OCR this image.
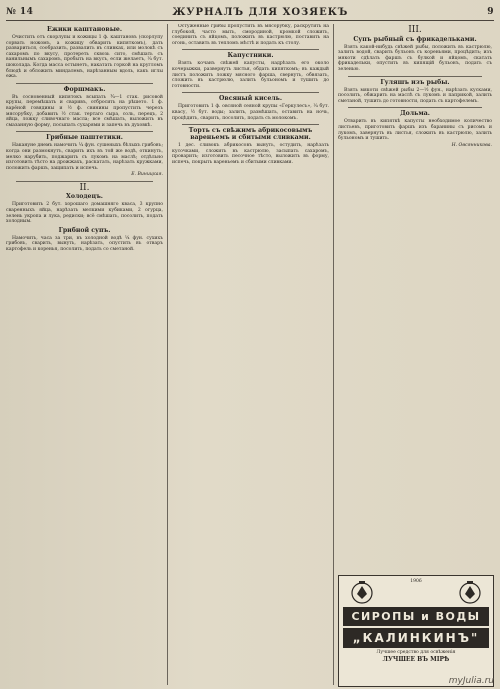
№ 14	ЖУРНАЛЪ ДЛЯ ХОЗЯЕКЪ	9
Ежики каштановые.

Очистить отъ скорлупы и кожицы 1 ф. каштановъ (скорлупу сорвать ножомъ, а кожицу обварить кипяткомъ), дать развариться, сообразить, развалить въ сливках, или молокѣ съ сахаромъ по вкусу, протереть сквозь сито, смѣшать съ ванильнымъ сахаромъ, пробыть на вкусъ, если желаетъ, ¼ бут. шоколада. Когда масса остынетъ, накатать горкой на кругломъ блюдѣ и обложить миндалемъ, нарѣзанным вдоль, какъ иглы ежа.

Форшмакъ.

Въ сосновенный кипятокъ всыпать ¾—1 стак. рисовой крупы, перемѣшать и сваривъ, отбросить на рѣшето. 1 ф. варёной говядины и ½ ф. свинины пропустить черезъ мясорубку, добавить ½ стак. тертаго сыра, соль, перецъ, 2 яйца, ложку сливочнаго масла; все смѣшать, выложить въ смазанную форму, посыпать сухарями и запечь въ духовкѣ.

Грибные паштетики.

Накануне днемъ намочить ¼ фун. сушеныхъ бѣлыхъ грибовъ; когда они размокнутъ, сварить ихъ въ той же водѣ, откинуть, мелко нарубить, поджарить съ лукомъ на маслѣ; отдѣльно изготовить тѣсто на дрожжахъ, раскатать, нарѣзать кружками, положить фаршъ, защипать и испечь.

Е. Виницкая.
II.
Холодецъ.

Приготовить 2 бут. хорошаго домашняго кваса, 3 крупно сваренныхъ яйца, нарѣзать мелкими кубиками, 2 огурца, зелень укропа и лука, редиски; всё смѣшать, посолить, подать холодным.

Грибной супъ.

Намочить, часа за три, въ холодной водѣ ¼ фун. сухихъ грибовъ, сварить, вынуть, нарѣзать, опустить въ отваръ картофель и коренья, посолить, подать со сметаной.

Остуженные грибы пропустить въ мясорубку, раскрутить на глубокой, часто мыть, смородиной, кромкой сложить, соединить съ яйцомъ, положить въ кастрюлю, поставить на огонь, оставить въ тепломъ мѣстѣ и подать къ столу.

Капустники.

Взять кочанъ свѣжей капусты, надрѣзать его около кочерыжки, развернуть листья, обдать кипяткомъ; въ каждый листъ положить ложку мясного фарша, свернуть, обвязать, сложить въ кастрюлю, залить бульономъ и тушить до готовности.

Овсяный кисель.

Приготовить 1 ф. овсяной сеяной крупы «Геркулесъ», ¼ бут. квасу, ½ бут. воды; залить, размѣшать, оставить на ночь, процѣдить, сварить, посолить, подать съ молокомъ.

Торть съ свѣжимъ абрикосовымъ вареньемъ и сбитыми сливками.

1 дес. сливокъ абрикосовъ вынуть, остудить, нарѣзать кусочками, сложить въ кастрюлю, засыпать сахаромъ, проварить; изготовить песочное тѣсто, выложить въ форму, испечь, покрыть вареньемъ и сбитыми сливками.

III.
Супъ рыбный съ фрикадельками.

Взять какой-нибудь свѣжей рыбы, положить въ кастрюлю, залить водой, сварить бульонъ съ кореньями, процѣдить; изъ мякоти сдѣлать фаршъ съ булкой и яйцомъ, скатать фрикадельки, опустить въ кипящій бульонъ, подать съ зеленью.

Гуляшъ изъ рыбы.

Взять мякоти свѣжей рыбы 2—½ фун., нарѣзать кусками, посолить, обжарить на маслѣ съ лукомъ и паприкой, залить сметаной, тушить до готовности, подать съ картофелемъ.

Дольма.

Отварить въ кипяткѣ капусты необходимое количество листьевъ, приготовить фаршъ изъ баранины съ рисомъ и лукомъ, завернуть въ листья, сложить въ кастрюлю, залить бульономъ и тушить.

Н. Овсянникова.
1906
СИРОПЫ и ВОДЫ
„КАЛИНКИНЪ"
Лучшее средство для освѣженія
ЛУЧШЕЕ ВЪ МІРѢ
myJulia.ru
